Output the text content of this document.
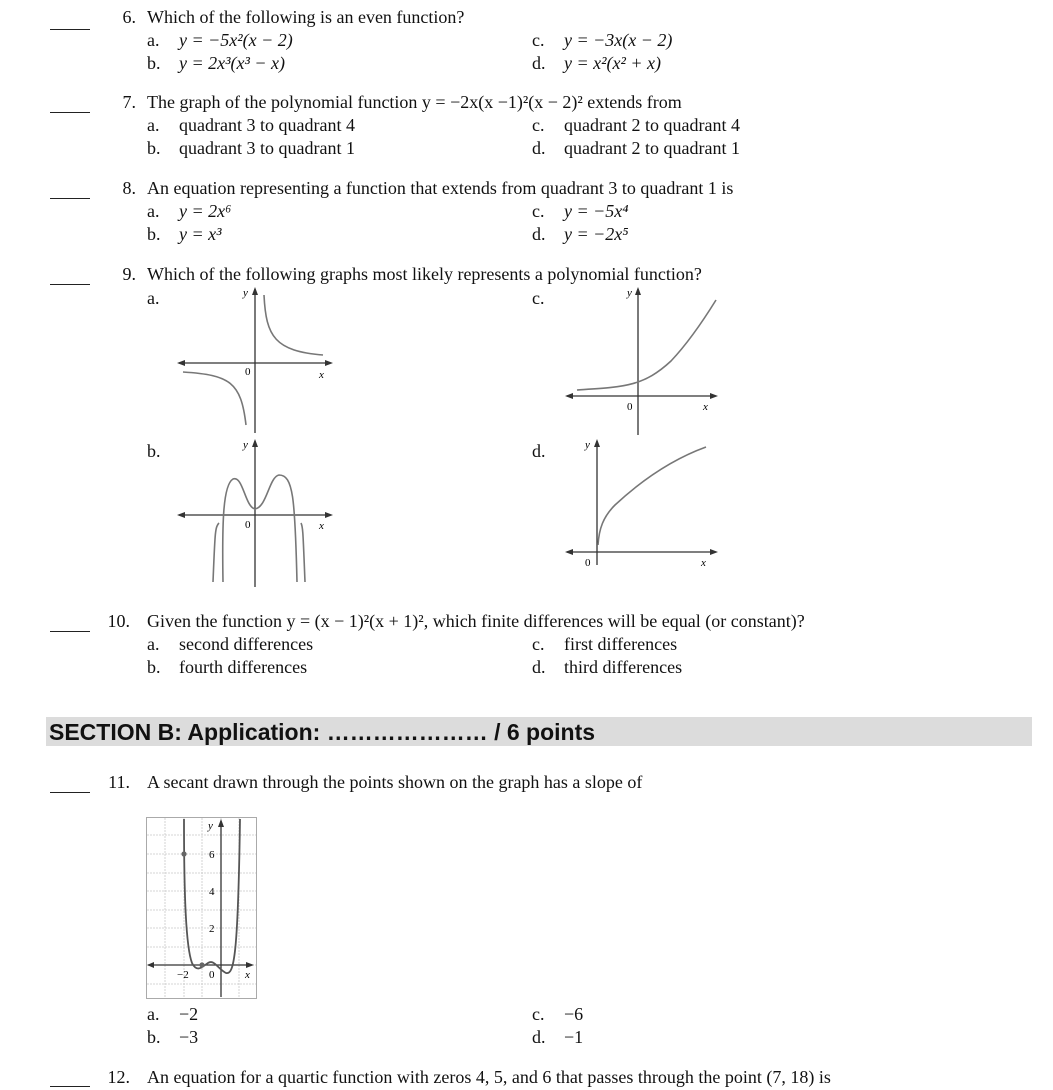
6. Which of the following is an even function?
a. y = −5x²(x − 2)
b. y = 2x³(x³ − x)
c. y = −3x(x − 2)
d. y = x²(x² + x)
7. The graph of the polynomial function y = −2x(x −1)²(x − 2)² extends from
a. quadrant 3 to quadrant 4
b. quadrant 3 to quadrant 1
c. quadrant 2 to quadrant 4
d. quadrant 2 to quadrant 1
8. An equation representing a function that extends from quadrant 3 to quadrant 1 is
a. y = 2x⁶
b. y = x³
c. y = −5x⁴
d. y = −2x⁵
9. Which of the following graphs most likely represents a polynomial function?
a.
b.
c.
d.
y
x
0
y
x
0
y
x
0
y
x
0
10. Given the function y = (x − 1)²(x + 1)², which finite differences will be equal (or constant)?
a. second differences
b. fourth differences
c. first differences
d. third differences
SECTION B: Application: ………………… / 6 points
11. A secant drawn through the points shown on the graph has a slope of
y
6
4
2
−2 0	x
a. −2
b. −3
c. −6
d. −1
12. An equation for a quartic function with zeros 4, 5, and 6 that passes through the point (7, 18) is
